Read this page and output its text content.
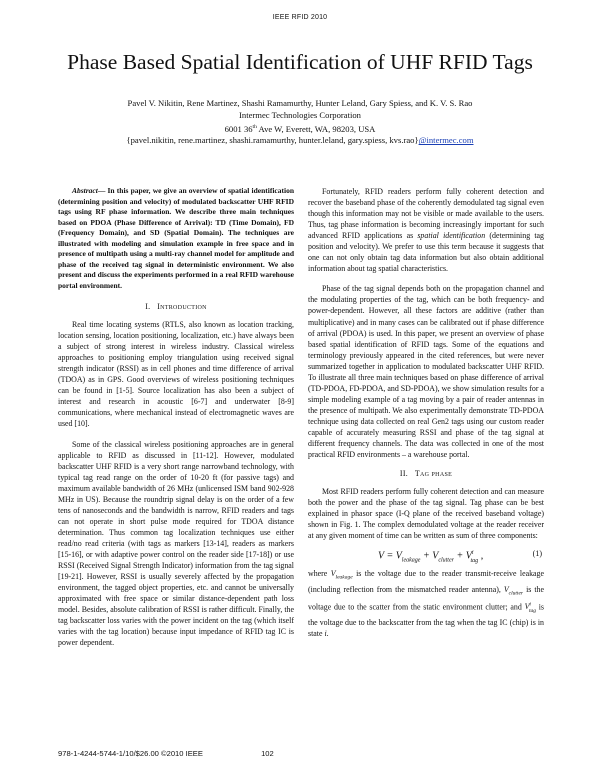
IEEE RFID 2010
Phase Based Spatial Identification of UHF RFID Tags
Pavel V. Nikitin, Rene Martinez, Shashi Ramamurthy, Hunter Leland, Gary Spiess, and K. V. S. Rao
Intermec Technologies Corporation
6001 36th Ave W, Everett, WA, 98203, USA
{pavel.nikitin, rene.martinez, shashi.ramamurthy, hunter.leland, gary.spiess, kvs.rao}@intermec.com

Abstract— In this paper, we give an overview of spatial identification (determining position and velocity) of modulated backscatter UHF RFID tags using RF phase information. We describe three main techniques based on PDOA (Phase Difference of Arrival): TD (Time Domain), FD (Frequency Domain), and SD (Spatial Domain). The techniques are illustrated with modeling and simulation example in free space and in presence of multipath using a multi-ray channel model for amplitude and phase of the received tag signal in deterministic environment. We also present and discuss the experiments performed in a real RFID warehouse portal environment.

I. Introduction

Real time locating systems (RTLS, also known as location tracking, location sensing, location positioning, localization, etc.) have always been a subject of strong interest in wireless industry. Classical wireless approaches to positioning employ triangulation using received signal strength indicator (RSSI) as in cell phones and time difference of arrival (TDOA) as in GPS. Good overviews of wireless positioning techniques can be found in [1-5]. Source localization has also been a subject of interest and research in acoustic [6-7] and underwater [8-9] communications, where mechanical instead of electromagnetic waves are used [10].

Some of the classical wireless positioning approaches are in general applicable to RFID as discussed in [11-12]. However, modulated backscatter UHF RFID is a very short range narrowband technology, with typical tag read range on the order of 10-20 ft (for passive tags) and maximum available bandwidth of 26 MHz (unlicensed ISM band 902-928 MHz in US). Because the roundtrip signal delay is on the order of a few tens of nanoseconds and the bandwidth is narrow, RFID readers and tags can not operate in short pulse mode required for TDOA distance determination. Thus common tag localization techniques use either read/no read criteria (with tags as markers [13-14], readers as markers [15-16], or with adaptive power control on the reader side [17-18]) or use RSSI (Received Signal Strength Indicator) information from the tag signal [19-21]. However, RSSI is usually severely affected by the propagation environment, the tagged object properties, etc. and cannot be universally approximated with free space or similar distance-dependent path loss model. Besides, absolute calibration of RSSI is rather difficult. Finally, the tag backscatter loss varies with the power incident on the tag (which itself varies with the tag location) because input impedance of RFID tag IC is power dependent.

Fortunately, RFID readers perform fully coherent detection and recover the baseband phase of the coherently demodulated tag signal even though this information may not be visible or made available to the users. Thus, tag phase information is becoming increasingly important for such advanced RFID applications as spatial identification (determining tag position and velocity). We prefer to use this term because it suggests that one can not only obtain tag data information but also obtain additional information about tag spatial characteristics.

Phase of the tag signal depends both on the propagation channel and the modulating properties of the tag, which can be both frequency- and power-dependent. However, all these factors are additive (rather than multiplicative) and in many cases can be calibrated out if phase difference of arrival (PDOA) is used. In this paper, we present an overview of phase based spatial identification of RFID tags. Some of the equations and terminology previously appeared in the cited references, but were never summarized together in application to modulated backscatter UHF RFID. To illustrate all three main techniques based on phase difference of arrival (TD-PDOA, FD-PDOA, and SD-PDOA), we show simulation results for a simple modeling example of a tag moving by a pair of reader antennas in the presence of multipath. We also experimentally demonstrate TD-PDOA technique using data collected on real Gen2 tags using our custom reader capable of accurately measuring RSSI and phase of the tag signal at different frequency channels. The data was collected in one of the most practical RFID environments – a warehouse portal.

II. Tag phase

Most RFID readers perform fully coherent detection and can measure both the power and the phase of the tag signal. Tag phase can be best explained in phasor space (I-Q plane of the received baseband voltage) shown in Fig. 1. The complex demodulated voltage at the reader receiver at any given moment of time can be written as sum of three components:

$V = V_{leakage} + V_{clutter} + V^i_{tag}$ ,	(1)

where $V_{leakage}$ is the voltage due to the reader transmit-receive leakage (including reflection from the mismatched reader antenna), $V_{clutter}$ is the voltage due to the scatter from the static environment clutter; and $V^i_{tag}$ is the voltage due to the backscatter from the tag when the tag IC (chip) is in state i.

978-1-4244-5744-1/10/$26.00 ©2010 IEEE	102
